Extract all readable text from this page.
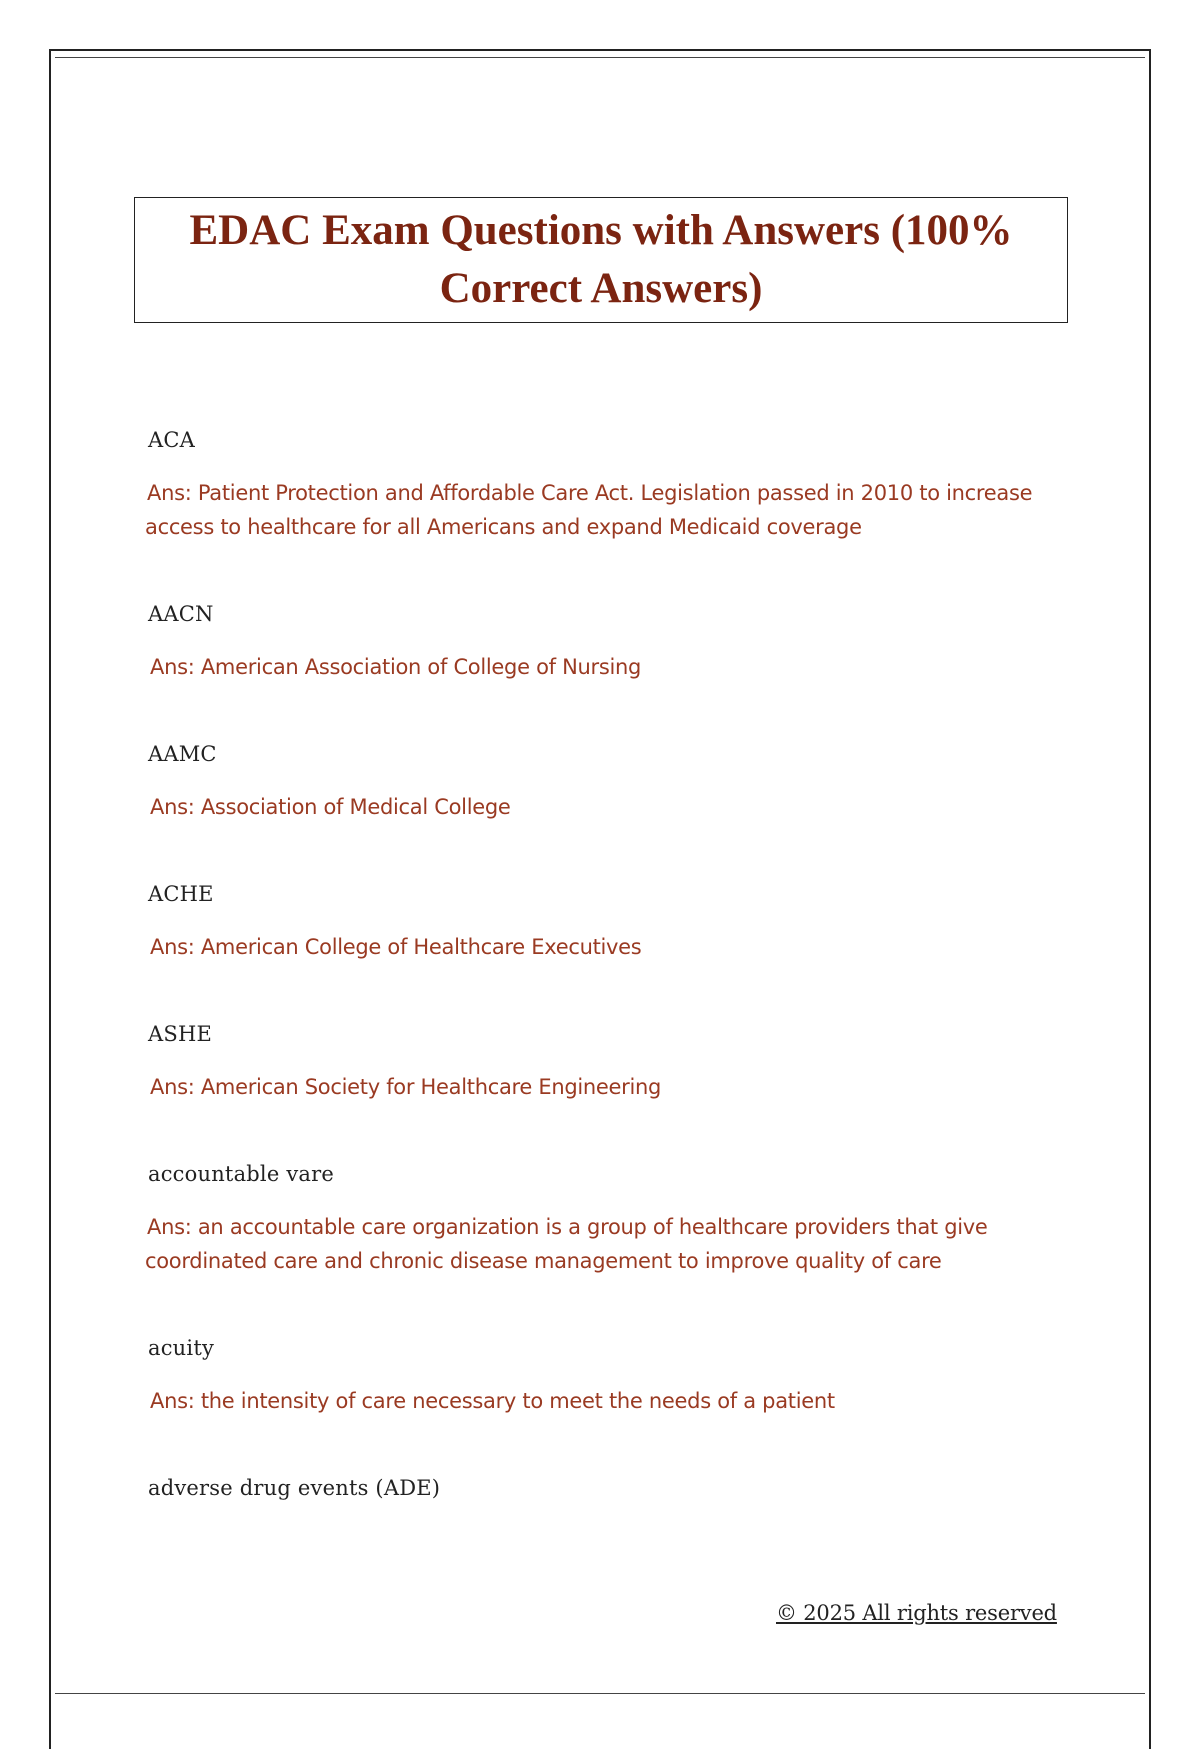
EDAC Exam Questions with Answers (100% Correct Answers)
ACA
Ans: Patient Protection and Affordable Care Act. Legislation passed in 2010 to increase access to healthcare for all Americans and expand Medicaid coverage
AACN
Ans: American Association of College of Nursing
AAMC
Ans: Association of Medical College
ACHE
Ans: American College of Healthcare Executives
ASHE
Ans: American Society for Healthcare Engineering
accountable vare
Ans: an accountable care organization is a group of healthcare providers that give coordinated care and chronic disease management to improve quality of care
acuity
Ans: the intensity of care necessary to meet the needs of a patient
adverse drug events (ADE)
© 2025 All rights reserved
